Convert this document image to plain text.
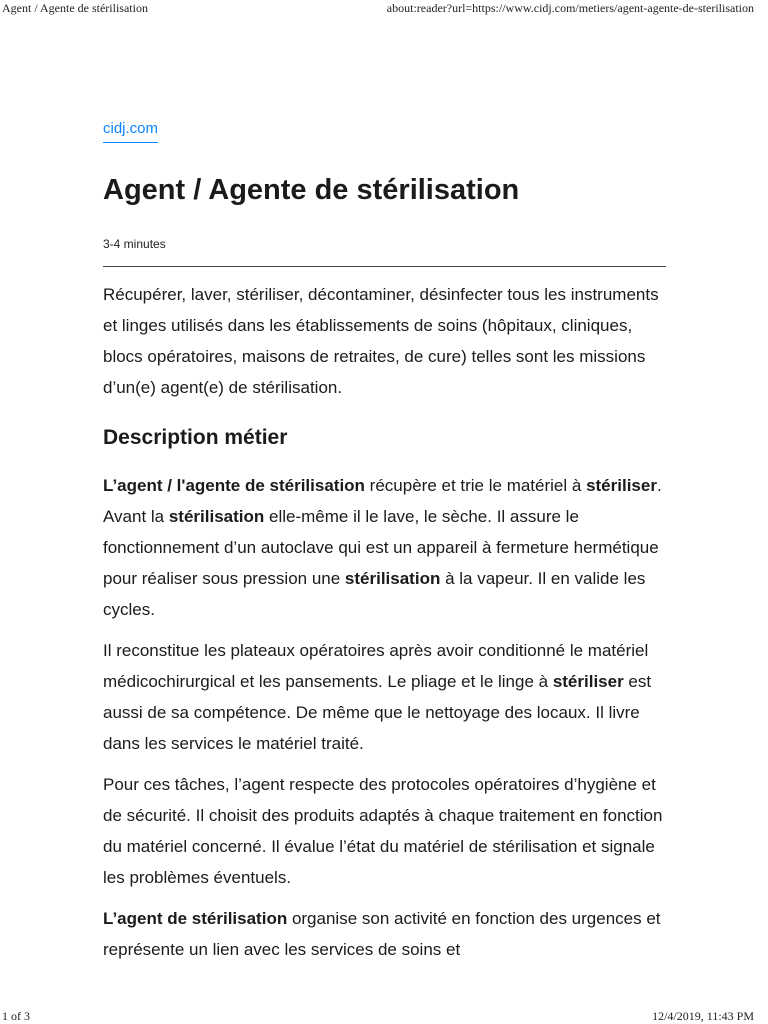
Agent / Agente de stérilisation	about:reader?url=https://www.cidj.com/metiers/agent-agente-de-sterilisation
cidj.com
Agent / Agente de stérilisation
3-4 minutes

Récupérer, laver, stériliser, décontaminer, désinfecter tous les instruments et linges utilisés dans les établissements de soins (hôpitaux, cliniques, blocs opératoires, maisons de retraites, de cure) telles sont les missions d’un(e) agent(e) de stérilisation.

Description métier

L’agent / l'agente de stérilisation récupère et trie le matériel à stériliser. Avant la stérilisation elle-même il le lave, le sèche. Il assure le fonctionnement d’un autoclave qui est un appareil à fermeture hermétique pour réaliser sous pression une stérilisation à la vapeur. Il en valide les cycles.

Il reconstitue les plateaux opératoires après avoir conditionné le matériel médicochirurgical et les pansements. Le pliage et le linge à stériliser est aussi de sa compétence. De même que le nettoyage des locaux. Il livre dans les services le matériel traité.

Pour ces tâches, l’agent respecte des protocoles opératoires d’hygiène et de sécurité. Il choisit des produits adaptés à chaque traitement en fonction du matériel concerné. Il évalue l’état du matériel de stérilisation et signale les problèmes éventuels.

L’agent de stérilisation organise son activité en fonction des urgences et représente un lien avec les services de soins et

1 of 3	12/4/2019, 11:43 PM
